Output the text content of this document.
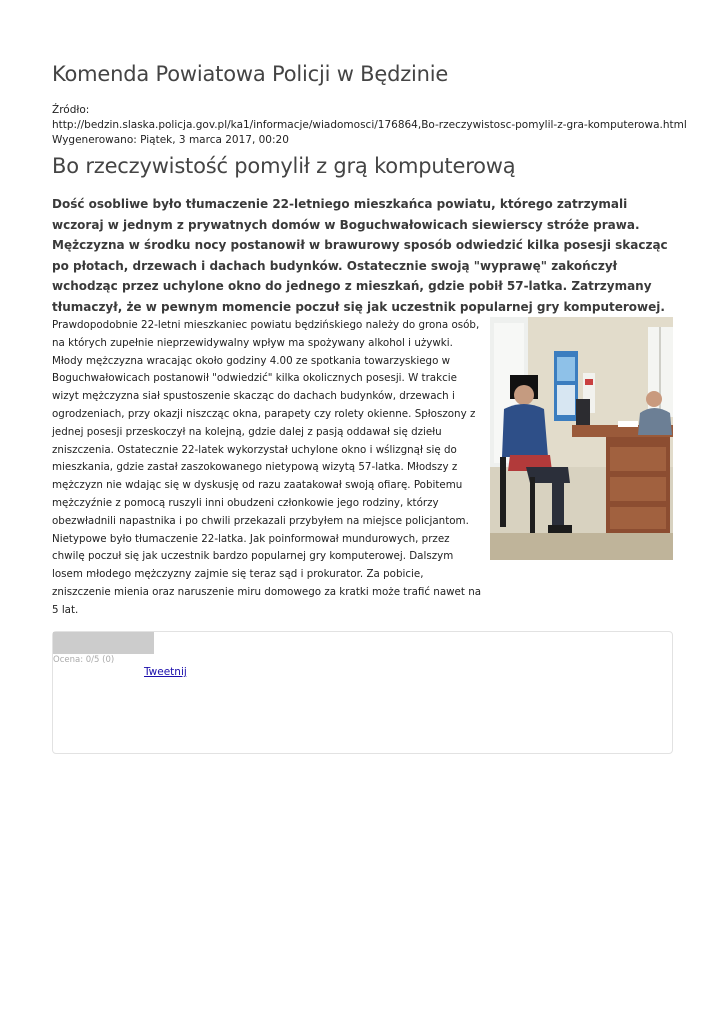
Komenda Powiatowa Policji w Będzinie
Źródło:
http://bedzin.slaska.policja.gov.pl/ka1/informacje/wiadomosci/176864,Bo-rzeczywistosc-pomylil-z-gra-komputerowa.html
Wygenerowano: Piątek, 3 marca 2017, 00:20
Bo rzeczywistość pomylił z grą komputerową

Dość osobliwe było tłumaczenie 22-letniego mieszkańca powiatu, którego zatrzymali wczoraj w jednym z prywatnych domów w Boguchwałowicach siewierscy stróże prawa. Mężczyzna w środku nocy postanowił w brawurowy sposób odwiedzić kilka posesji skacząc po płotach, drzewach i dachach budynków. Ostatecznie swoją "wyprawę" zakończył wchodząc przez uchylone okno do jednego z mieszkań, gdzie pobił 57-latka. Zatrzymany tłumaczył, że w pewnym momencie poczuł się jak uczestnik popularnej gry komputerowej.

Prawdopodobnie 22-letni mieszkaniec powiatu będzińskiego należy do grona osób, na których zupełnie nieprzewidywalny wpływ ma spożywany alkohol i używki. Młody mężczyzna wracając około godziny 4.00 ze spotkania towarzyskiego w Boguchwałowicach postanowił "odwiedzić" kilka okolicznych posesji. W trakcie wizyt mężczyzna siał spustoszenie skacząc do dachach budynków, drzewach i ogrodzeniach, przy okazji niszcząc okna, parapety czy rolety okienne. Spłoszony z jednej posesji przeskoczył na kolejną, gdzie dalej z pasją oddawał się dziełu zniszczenia. Ostatecznie 22-latek wykorzystał uchylone okno i wślizgnął się do mieszkania, gdzie zastał zaszokowanego nietypową wizytą 57-latka. Młodszy z mężczyzn nie wdając się w dyskusję od razu zaatakował swoją ofiarę. Pobitemu mężczyźnie z pomocą ruszyli inni obudzeni członkowie jego rodziny, którzy obezwładnili napastnika i po chwili przekazali przybyłem na miejsce policjantom. Nietypowe było tłumaczenie 22-latka. Jak poinformował mundurowych, przez chwilę poczuł się jak uczestnik bardzo popularnej gry komputerowej. Dalszym losem młodego mężczyzny zajmie się teraz sąd i prokurator. Za pobicie, zniszczenie mienia oraz naruszenie miru domowego za kratki może trafić nawet na 5 lat.

Ocena: 0/5 (0)
Tweetnij
